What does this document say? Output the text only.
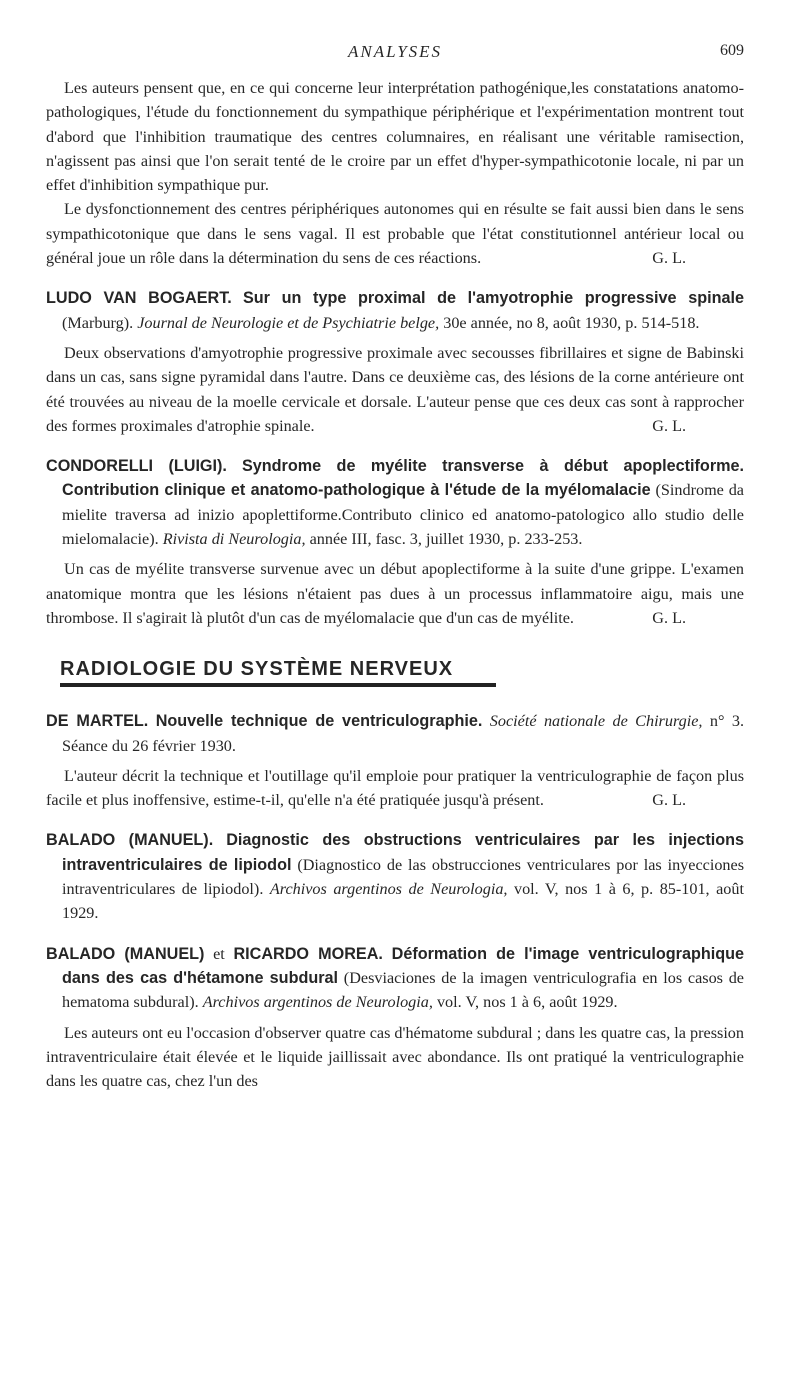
ANALYSES	609

Les auteurs pensent que, en ce qui concerne leur interprétation pathogénique,les constatations anatomo-pathologiques, l'étude du fonctionnement du sympathique périphérique et l'expérimentation montrent tout d'abord que l'inhibition traumatique des centres columnaires, en réalisant une véritable ramisection, n'agissent pas ainsi que l'on serait tenté de le croire par un effet d'hyper-sympathicotonie locale, ni par un effet d'inhibition sympathique pur.

Le dysfonctionnement des centres périphériques autonomes qui en résulte se fait aussi bien dans le sens sympathicotonique que dans le sens vagal. Il est probable que l'état constitutionnel antérieur local ou général joue un rôle dans la détermination du sens de ces réactions.	G. L.

LUDO VAN BOGAERT. Sur un type proximal de l'amyotrophie progressive spinale (Marburg). Journal de Neurologie et de Psychiatrie belge, 30e année, no 8, août 1930, p. 514-518.

Deux observations d'amyotrophie progressive proximale avec secousses fibrillaires et signe de Babinski dans un cas, sans signe pyramidal dans l'autre. Dans ce deuxième cas, des lésions de la corne antérieure ont été trouvées au niveau de la moelle cervicale et dorsale. L'auteur pense que ces deux cas sont à rapprocher des formes proximales d'atrophie spinale.	G. L.

CONDORELLI (LUIGI). Syndrome de myélite transverse à début apoplectiforme. Contribution clinique et anatomo-pathologique à l'étude de la myélomalacie (Sindrome da mielite traversa ad inizio apoplettiforme.Contributo clinico ed anatomo-patologico allo studio delle mielomalacie). Rivista di Neurologia, année III, fasc. 3, juillet 1930, p. 233-253.

Un cas de myélite transverse survenue avec un début apoplectiforme à la suite d'une grippe. L'examen anatomique montra que les lésions n'étaient pas dues à un processus inflammatoire aigu, mais une thrombose. Il s'agirait là plutôt d'un cas de myélomalacie que d'un cas de myélite.	G. L.

RADIOLOGIE DU SYSTÈME NERVEUX
DE MARTEL. Nouvelle technique de ventriculographie. Société nationale de Chirurgie, n° 3. Séance du 26 février 1930.

L'auteur décrit la technique et l'outillage qu'il emploie pour pratiquer la ventriculographie de façon plus facile et plus inoffensive, estime-t-il, qu'elle n'a été pratiquée jusqu'à présent.	G. L.

BALADO (MANUEL). Diagnostic des obstructions ventriculaires par les injections intraventriculaires de lipiodol (Diagnostico de las obstrucciones ventriculares por las inyecciones intraventriculares de lipiodol). Archivos argentinos de Neurologia, vol. V, nos 1 à 6, p. 85-101, août 1929.
BALADO (MANUEL) et RICARDO MOREA. Déformation de l'image ventriculographique dans des cas d'hétamone subdural (Desviaciones de la imagen ventriculografia en los casos de hematoma subdural). Archivos argentinos de Neurologia, vol. V, nos 1 à 6, août 1929.

Les auteurs ont eu l'occasion d'observer quatre cas d'hématome subdural ; dans les quatre cas, la pression intraventriculaire était élevée et le liquide jaillissait avec abondance. Ils ont pratiqué la ventriculographie dans les quatre cas, chez l'un des
